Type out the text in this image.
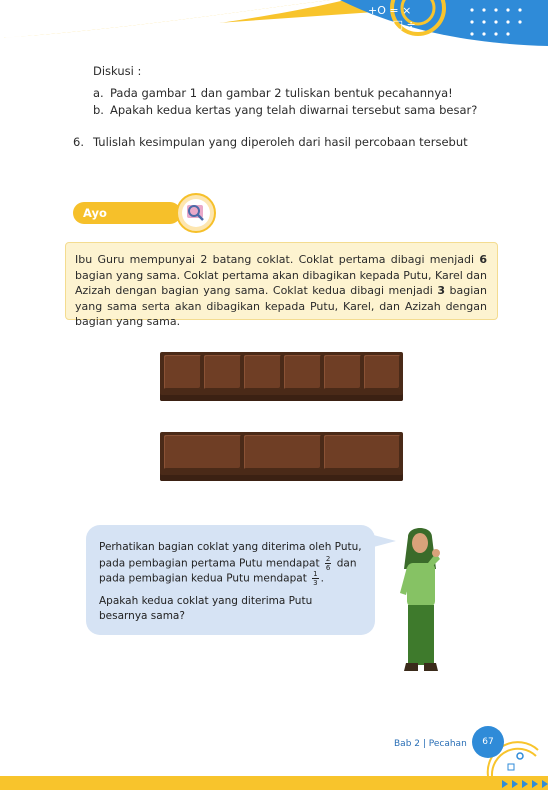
+O = ×
÷ △ □ ÷
Diskusi :
a. Pada gambar 1 dan gambar 2 tuliskan bentuk pecahannya!
b. Apakah kedua kertas yang telah diwarnai tersebut sama besar?
6. Tulislah kesimpulan yang diperoleh dari hasil percobaan tersebut
Ayo Mengamati
Ibu Guru mempunyai 2 batang coklat. Coklat pertama dibagi menjadi 6 bagian yang sama. Coklat pertama akan dibagikan kepada Putu, Karel dan Azizah dengan bagian yang sama. Coklat kedua dibagi menjadi 3 bagian yang sama serta akan dibagikan kepada Putu, Karel, dan Azizah dengan bagian yang sama.
Perhatikan bagian coklat yang diterima oleh Putu,
pada pembagian pertama Putu mendapat $\frac{2}{6}$ dan
pada pembagian kedua Putu mendapat $\frac{1}{3}$ .
Apakah kedua coklat yang diterima Putu besarnya sama?
Bab 2 | Pecahan	67
